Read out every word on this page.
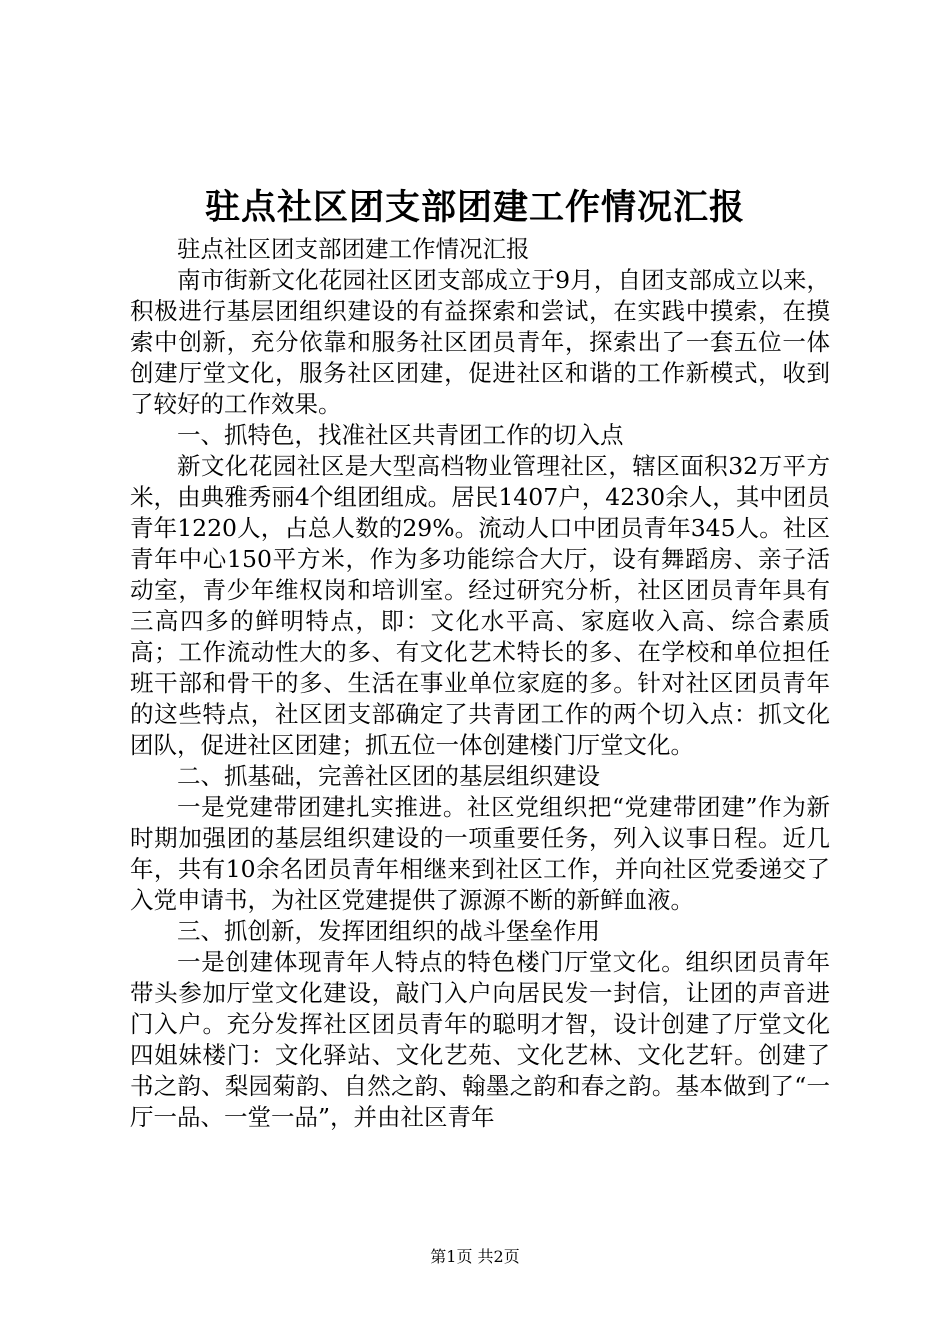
驻点社区团支部团建工作情况汇报

驻点社区团支部团建工作情况汇报

南市街新文化花园社区团支部成立于9月，自团支部成立以来，积极进行基层团组织建设的有益探索和尝试，在实践中摸索，在摸索中创新，充分依靠和服务社区团员青年，探索出了一套五位一体创建厅堂文化，服务社区团建，促进社区和谐的工作新模式，收到了较好的工作效果。

一、抓特色，找准社区共青团工作的切入点

新文化花园社区是大型高档物业管理社区，辖区面积32万平方米，由典雅秀丽4个组团组成。居民1407户，4230余人，其中团员青年1220人，占总人数的29%。流动人口中团员青年345人。社区青年中心150平方米，作为多功能综合大厅，设有舞蹈房、亲子活动室，青少年维权岗和培训室。经过研究分析，社区团员青年具有三高四多的鲜明特点，即：文化水平高、家庭收入高、综合素质高；工作流动性大的多、有文化艺术特长的多、在学校和单位担任班干部和骨干的多、生活在事业单位家庭的多。针对社区团员青年的这些特点，社区团支部确定了共青团工作的两个切入点：抓文化团队，促进社区团建；抓五位一体创建楼门厅堂文化。

二、抓基础，完善社区团的基层组织建设

一是党建带团建扎实推进。社区党组织把“党建带团建”作为新时期加强团的基层组织建设的一项重要任务，列入议事日程。近几年，共有10余名团员青年相继来到社区工作，并向社区党委递交了入党申请书，为社区党建提供了源源不断的新鲜血液。

三、抓创新，发挥团组织的战斗堡垒作用

一是创建体现青年人特点的特色楼门厅堂文化。组织团员青年带头参加厅堂文化建设，敲门入户向居民发一封信，让团的声音进门入户。充分发挥社区团员青年的聪明才智，设计创建了厅堂文化四姐妹楼门：文化驿站、文化艺苑、文化艺林、文化艺轩。创建了书之韵、梨园菊韵、自然之韵、翰墨之韵和春之韵。基本做到了“一厅一品、一堂一品”，并由社区青年

第1页 共2页
